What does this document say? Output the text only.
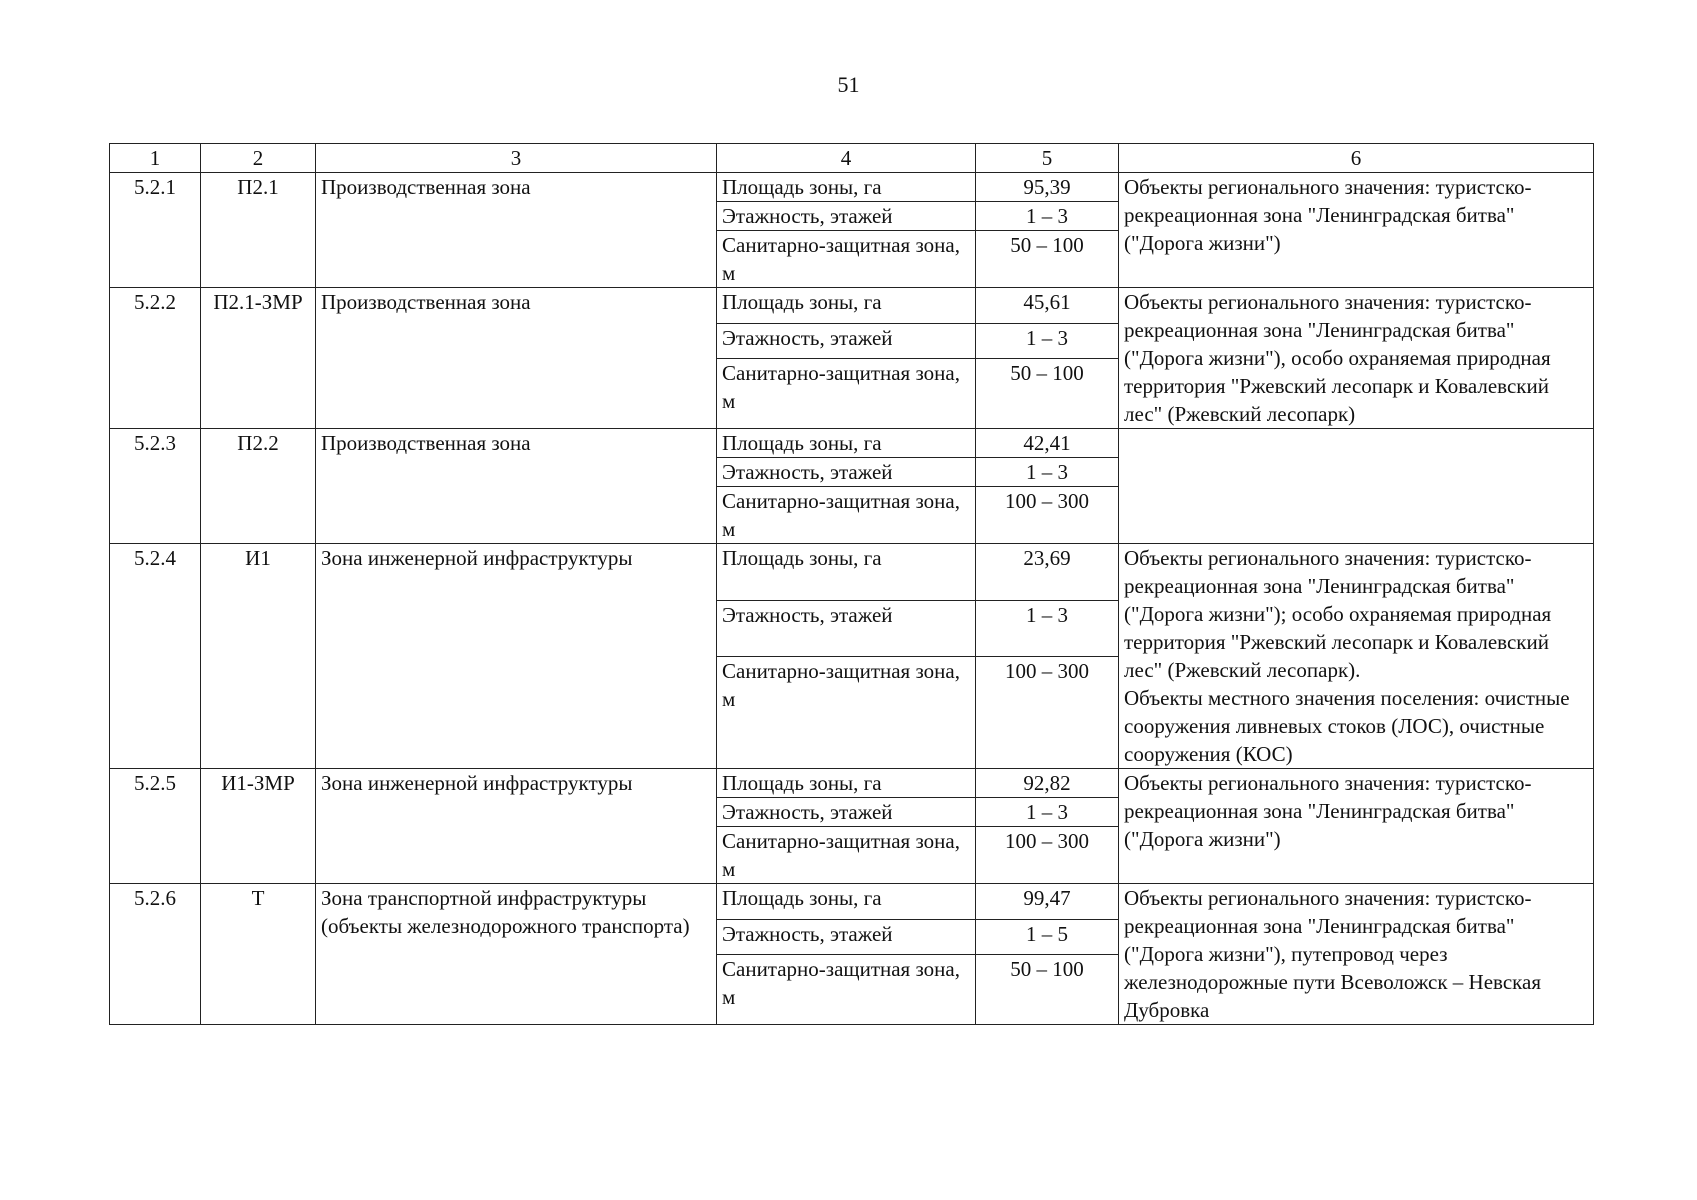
51
1	2	3	4	5	6
5.2.1	П2.1	Производственная зона	Площадь зоны, га	95,39	Объекты регионального значения: туристско-рекреационная зона "Ленинградская битва" ("Дорога жизни")

			Этажность, этажей	1 – 3	
			Санитарно-защитная зона, м	50 – 100	
5.2.2	П2.1-ЗМР	Производственная зона	Площадь зоны, га	45,61	Объекты регионального значения: туристско-рекреационная зона "Ленинградская битва" ("Дорога жизни"), особо охраняемая природная территория "Ржевский лесопарк и Ковалевский лес" (Ржевский лесопарк)

			Этажность, этажей	1 – 3	
			Санитарно-защитная зона, м	50 – 100	
5.2.3	П2.2	Производственная зона	Площадь зоны, га	42,41	

			Этажность, этажей	1 – 3	
			Санитарно-защитная зона, м	100 – 300	
5.2.4	И1	Зона инженерной инфраструктуры	Площадь зоны, га	23,69	Объекты регионального значения: туристско-рекреационная зона "Ленинградская битва" ("Дорога жизни"); особо охраняемая природная территория "Ржевский лесопарк и Ковалевский лес" (Ржевский лесопарк).
Объекты местного значения поселения: очистные сооружения ливневых стоков (ЛОС), очистные сооружения (КОС)

			Этажность, этажей	1 – 3	
			Санитарно-защитная зона, м	100 – 300	
5.2.5	И1-ЗМР	Зона инженерной инфраструктуры	Площадь зоны, га	92,82	Объекты регионального значения: туристско-рекреационная зона "Ленинградская битва" ("Дорога жизни")

			Этажность, этажей	1 – 3	
			Санитарно-защитная зона, м	100 – 300	
5.2.6	Т	Зона транспортной инфраструктуры (объекты железнодорожного транспорта)	Площадь зоны, га	99,47	Объекты регионального значения: туристско-рекреационная зона "Ленинградская битва" ("Дорога жизни"), путепровод через железнодорожные пути Всеволожск – Невская Дубровка

			Этажность, этажей	1 – 5	
			Санитарно-защитная зона, м	50 – 100	
